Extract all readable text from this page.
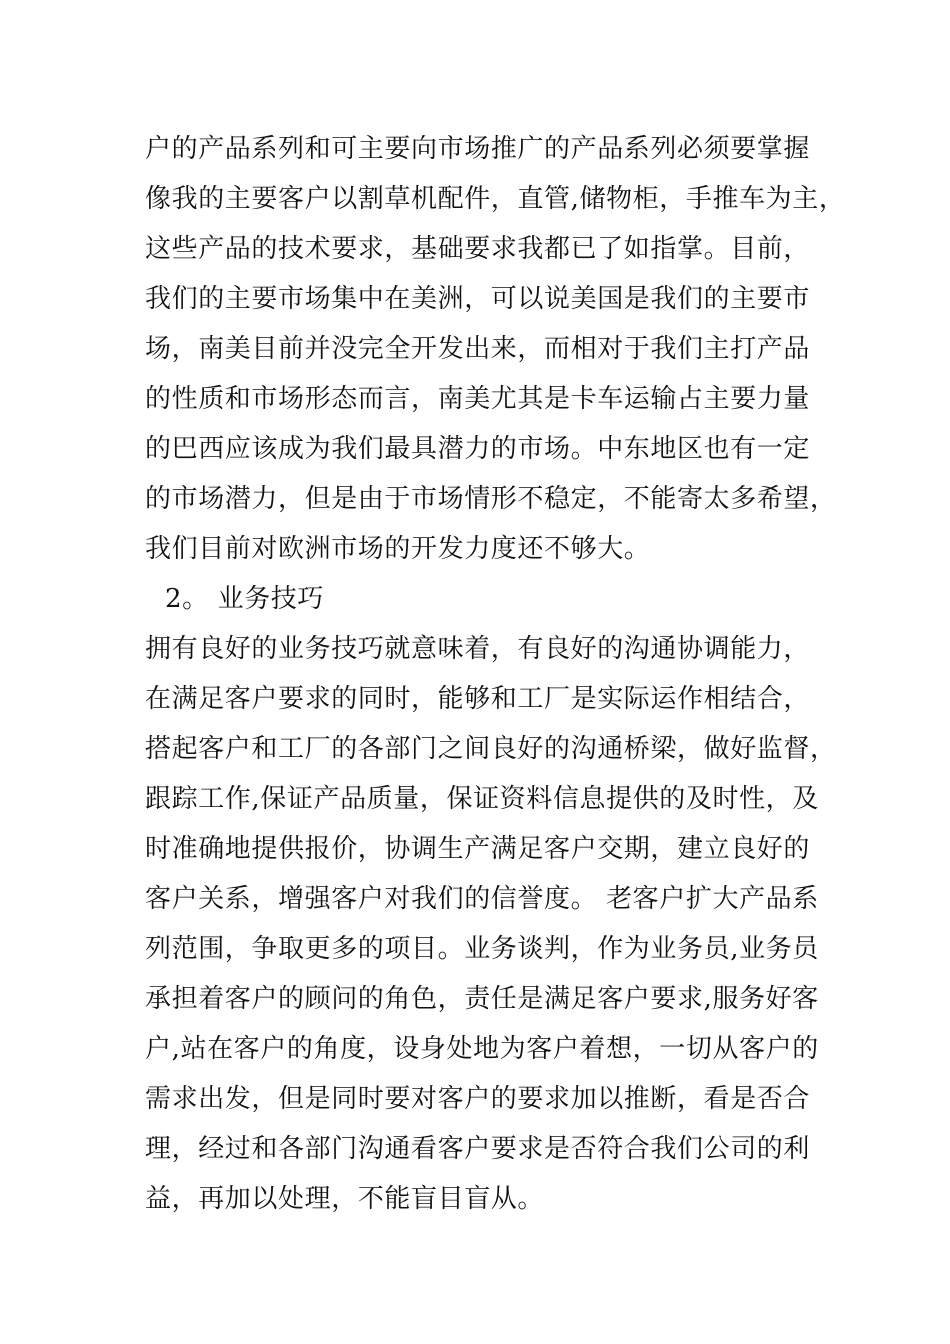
户的产品系列和可主要向市场推广的产品系列必须要掌握
像我的主要客户以割草机配件，直管,储物柜，手推车为主，
这些产品的技术要求，基础要求我都已了如指掌。目前，
我们的主要市场集中在美洲，可以说美国是我们的主要市
场，南美目前并没完全开发出来，而相对于我们主打产品
的性质和市场形态而言，南美尤其是卡车运输占主要力量
的巴西应该成为我们最具潜力的市场。中东地区也有一定
的市场潜力，但是由于市场情形不稳定，不能寄太多希望，
我们目前对欧洲市场的开发力度还不够大。
2。 业务技巧
拥有良好的业务技巧就意味着，有良好的沟通协调能力，
在满足客户要求的同时，能够和工厂是实际运作相结合，
搭起客户和工厂的各部门之间良好的沟通桥梁，做好监督，
跟踪工作,保证产品质量，保证资料信息提供的及时性，及
时准确地提供报价，协调生产满足客户交期，建立良好的
客户关系，增强客户对我们的信誉度。 老客户扩大产品系
列范围，争取更多的项目。业务谈判，作为业务员,业务员
承担着客户的顾问的角色，责任是满足客户要求,服务好客
户,站在客户的角度，设身处地为客户着想，一切从客户的
需求出发，但是同时要对客户的要求加以推断，看是否合
理，经过和各部门沟通看客户要求是否符合我们公司的利
益，再加以处理，不能盲目盲从。
